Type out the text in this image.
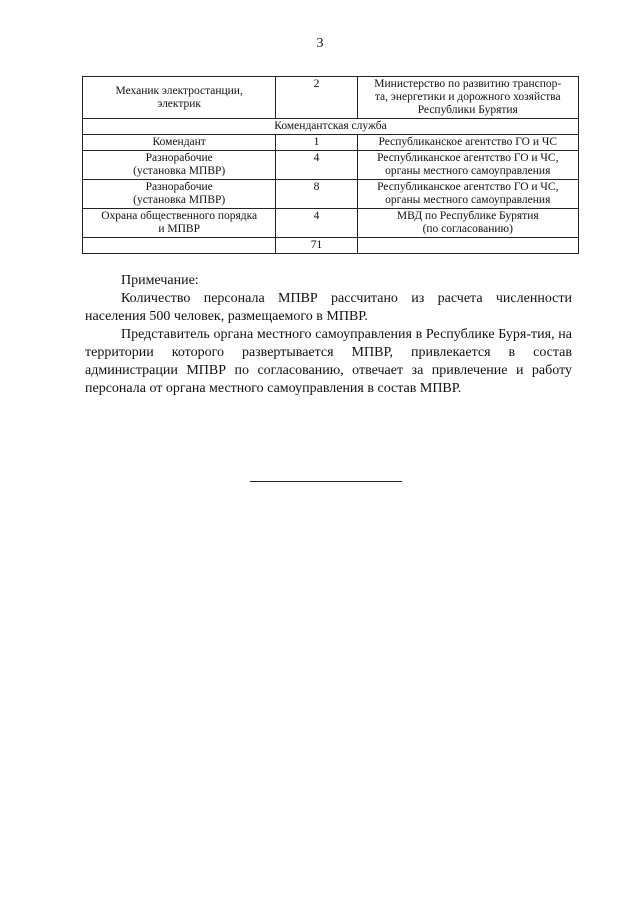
3
Механик электростанции,
электрик	2	Министерство по развитию транспор-
та, энергетики и дорожного хозяйства
Республики Бурятия
Комендантская служба		
Комендант	1	Республиканское агентство ГО и ЧС
Разнорабочие
(установка МПВР)	4	Республиканское агентство ГО и ЧС,
органы местного самоуправления
Разнорабочие
(установка МПВР)	8	Республиканское агентство ГО и ЧС,
органы местного самоуправления
Охрана общественного порядка
и МПВР	4	МВД по Республике Бурятия
(по согласованию)
	71	

Примечание:

Количество персонала МПВР рассчитано из расчета численности населения 500 человек, размещаемого в МПВР.

Представитель органа местного самоуправления в Республике Буря-тия, на территории которого развертывается МПВР, привлекается в состав администрации МПВР по согласованию, отвечает за привлечение и работу персонала от органа местного самоуправления в состав МПВР.
